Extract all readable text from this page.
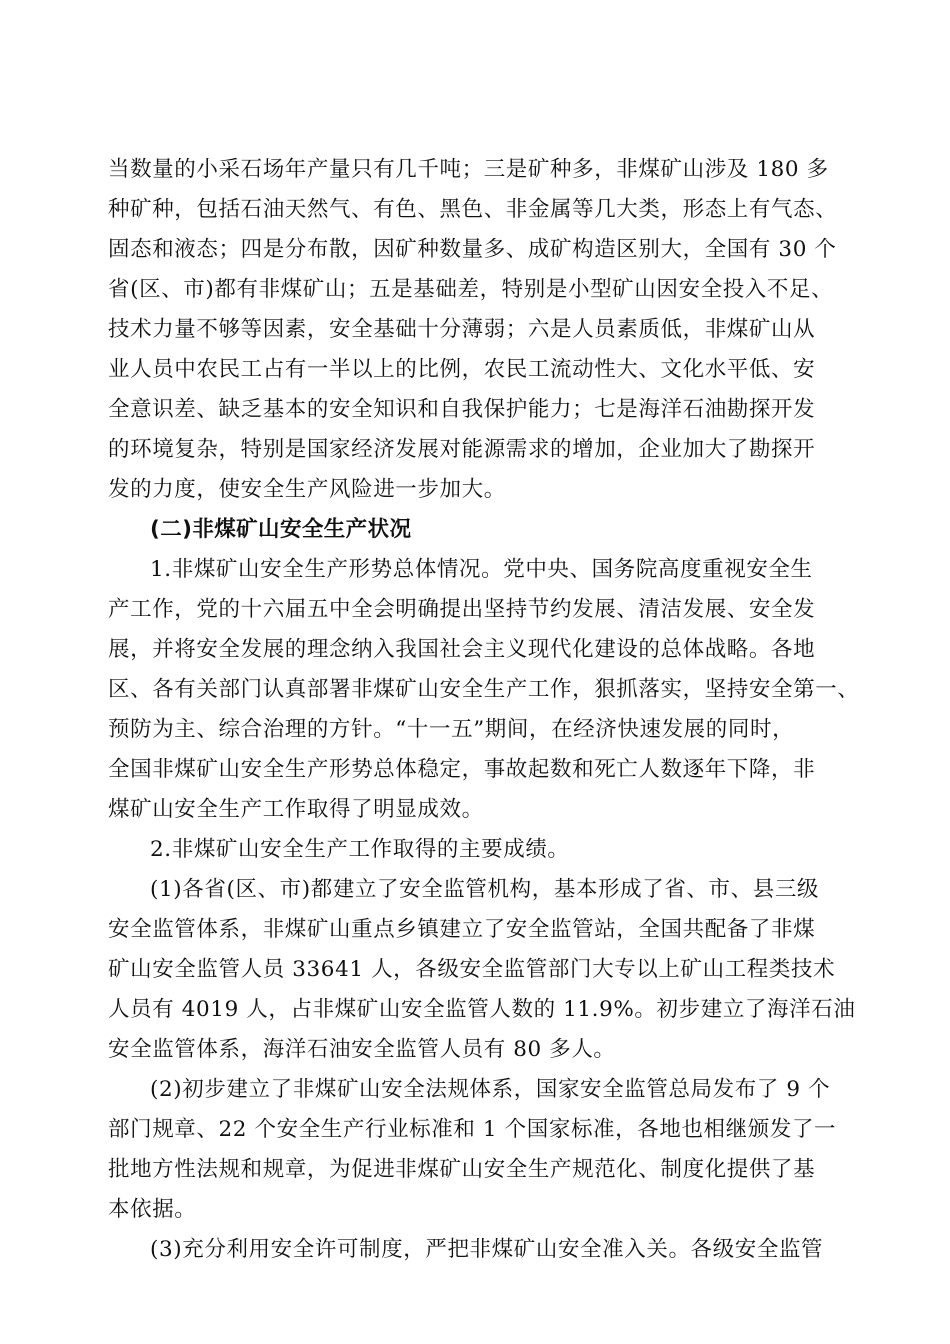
当数量的小采石场年产量只有几千吨；三是矿种多，非煤矿山涉及 180 多
种矿种，包括石油天然气、有色、黑色、非金属等几大类，形态上有气态、
固态和液态；四是分布散，因矿种数量多、成矿构造区别大，全国有 30 个
省(区、市)都有非煤矿山；五是基础差，特别是小型矿山因安全投入不足、
技术力量不够等因素，安全基础十分薄弱；六是人员素质低，非煤矿山从
业人员中农民工占有一半以上的比例，农民工流动性大、文化水平低、安
全意识差、缺乏基本的安全知识和自我保护能力；七是海洋石油勘探开发
的环境复杂，特别是国家经济发展对能源需求的增加，企业加大了勘探开
发的力度，使安全生产风险进一步加大。
(二)非煤矿山安全生产状况
1.非煤矿山安全生产形势总体情况。党中央、国务院高度重视安全生
产工作，党的十六届五中全会明确提出坚持节约发展、清洁发展、安全发
展，并将安全发展的理念纳入我国社会主义现代化建设的总体战略。各地
区、各有关部门认真部署非煤矿山安全生产工作，狠抓落实，坚持安全第一、
预防为主、综合治理的方针。“十一五”期间，在经济快速发展的同时，
全国非煤矿山安全生产形势总体稳定，事故起数和死亡人数逐年下降，非
煤矿山安全生产工作取得了明显成效。
2.非煤矿山安全生产工作取得的主要成绩。
(1)各省(区、市)都建立了安全监管机构，基本形成了省、市、县三级
安全监管体系，非煤矿山重点乡镇建立了安全监管站，全国共配备了非煤
矿山安全监管人员 33641 人，各级安全监管部门大专以上矿山工程类技术
人员有 4019 人，占非煤矿山安全监管人数的 11.9%。初步建立了海洋石油
安全监管体系，海洋石油安全监管人员有 80 多人。
(2)初步建立了非煤矿山安全法规体系，国家安全监管总局发布了 9 个
部门规章、22 个安全生产行业标准和 1 个国家标准，各地也相继颁发了一
批地方性法规和规章，为促进非煤矿山安全生产规范化、制度化提供了基
本依据。
(3)充分利用安全许可制度，严把非煤矿山安全准入关。各级安全监管
